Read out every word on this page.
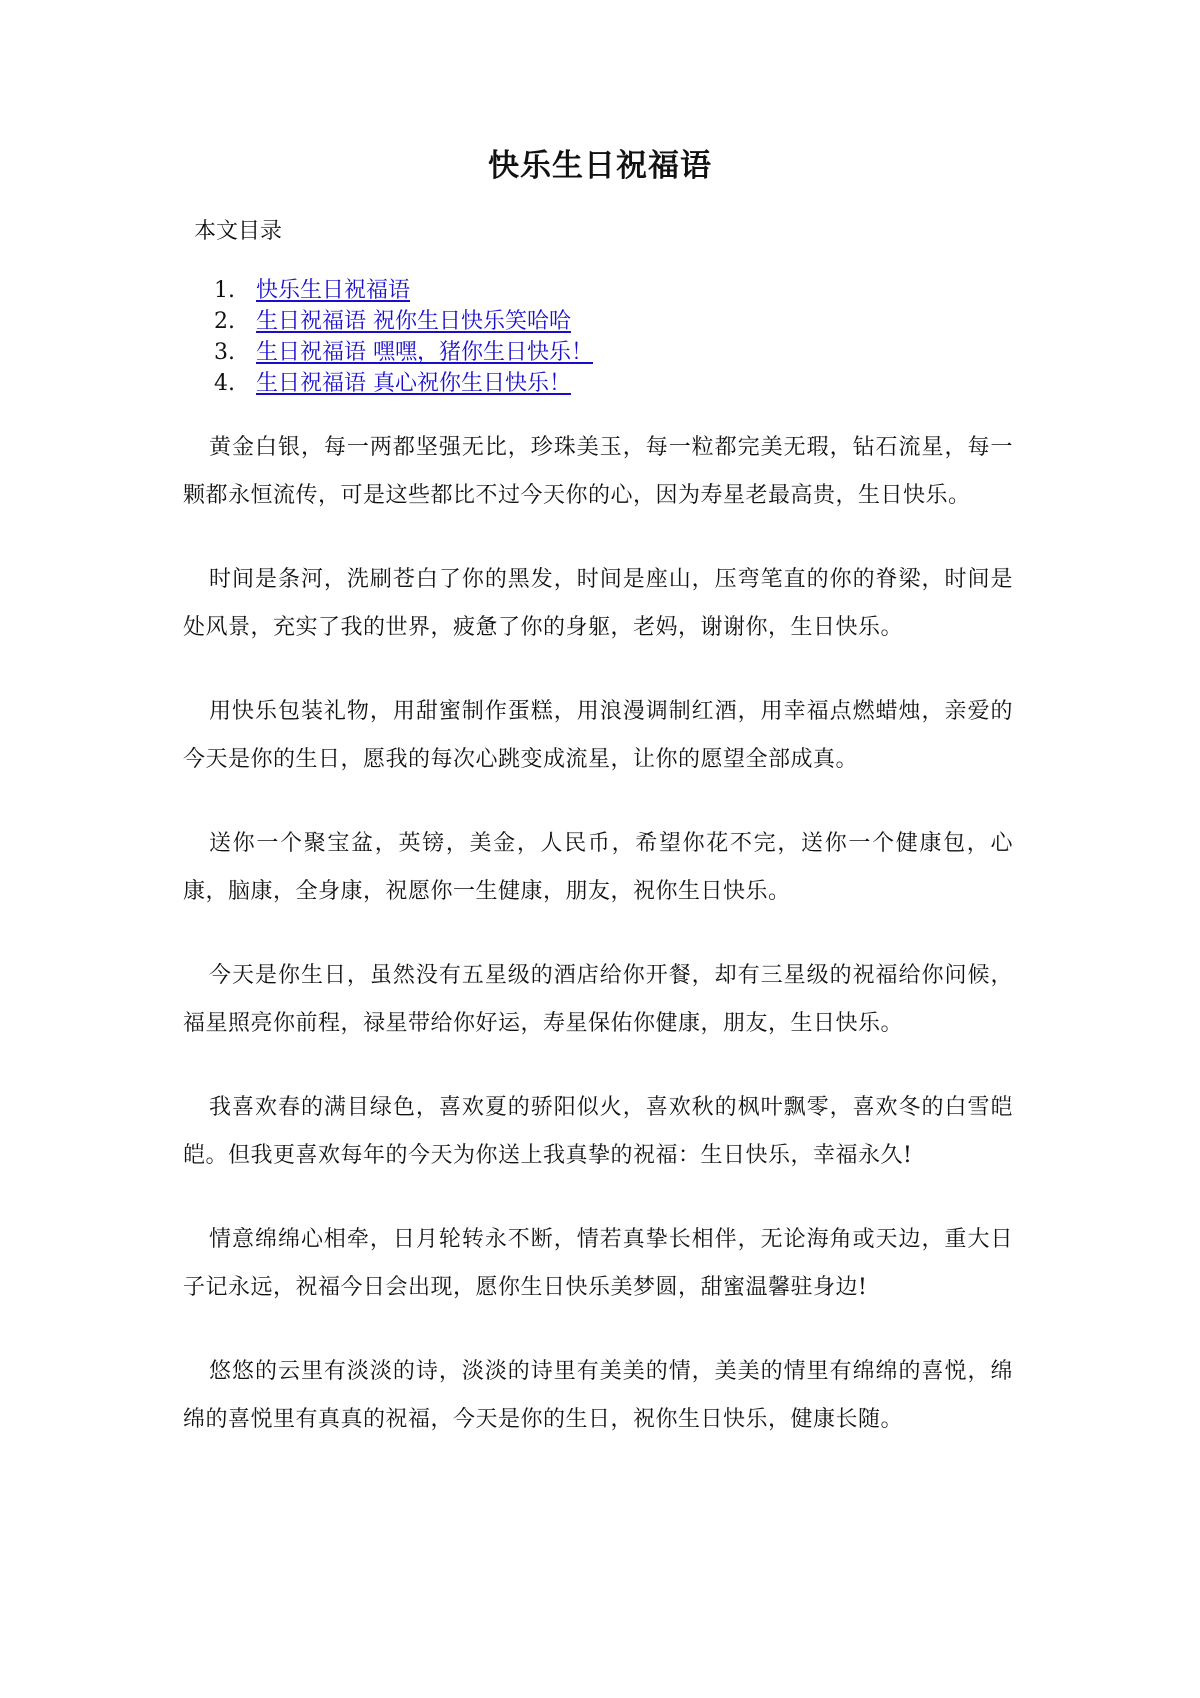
快乐生日祝福语
本文目录
1. 快乐生日祝福语
2. 生日祝福语 祝你生日快乐笑哈哈
3. 生日祝福语 嘿嘿，猪你生日快乐！
4. 生日祝福语 真心祝你生日快乐！

黄金白银，每一两都坚强无比，珍珠美玉，每一粒都完美无瑕，钻石流星，每一颗都永恒流传，可是这些都比不过今天你的心，因为寿星老最高贵，生日快乐。

时间是条河，洗刷苍白了你的黑发，时间是座山，压弯笔直的你的脊梁，时间是处风景，充实了我的世界，疲惫了你的身躯，老妈，谢谢你，生日快乐。

用快乐包装礼物，用甜蜜制作蛋糕，用浪漫调制红酒，用幸福点燃蜡烛，亲爱的今天是你的生日，愿我的每次心跳变成流星，让你的愿望全部成真。

送你一个聚宝盆，英镑，美金，人民币，希望你花不完，送你一个健康包，心康，脑康，全身康，祝愿你一生健康，朋友，祝你生日快乐。

今天是你生日，虽然没有五星级的酒店给你开餐，却有三星级的祝福给你问候，福星照亮你前程，禄星带给你好运，寿星保佑你健康，朋友，生日快乐。

我喜欢春的满目绿色，喜欢夏的骄阳似火，喜欢秋的枫叶飘零，喜欢冬的白雪皑皑。但我更喜欢每年的今天为你送上我真挚的祝福：生日快乐，幸福永久!

情意绵绵心相牵，日月轮转永不断，情若真挚长相伴，无论海角或天边，重大日子记永远，祝福今日会出现，愿你生日快乐美梦圆，甜蜜温馨驻身边!

悠悠的云里有淡淡的诗，淡淡的诗里有美美的情，美美的情里有绵绵的喜悦，绵绵的喜悦里有真真的祝福，今天是你的生日，祝你生日快乐，健康长随。
